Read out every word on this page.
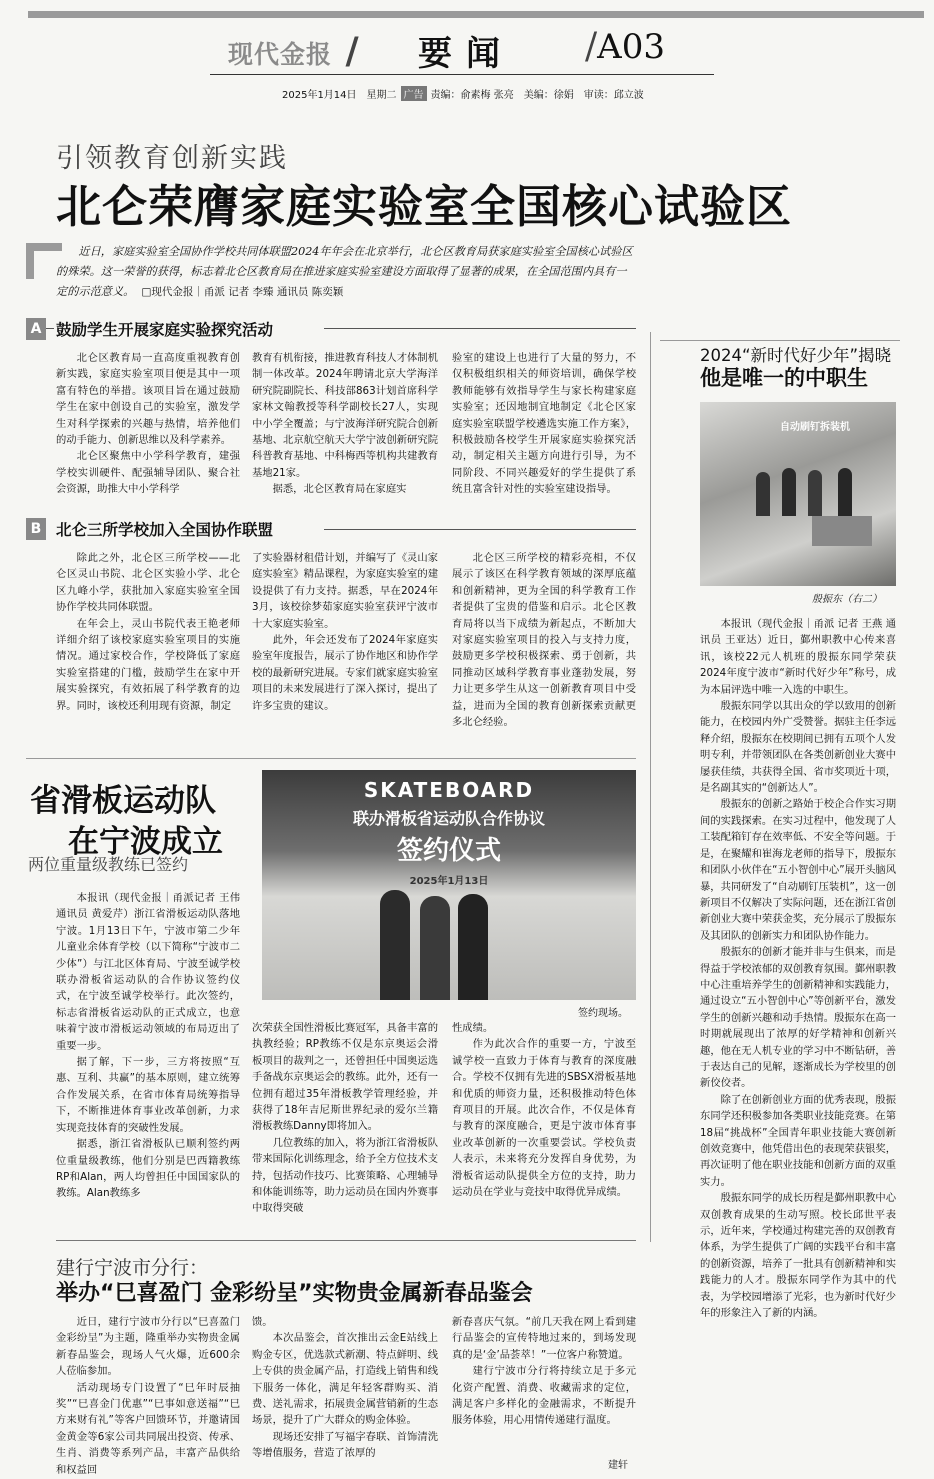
现代金报 / 要闻 /A03
2025年1月14日　星期二 广告 责编：俞素梅 张亮　美编：徐娟　审读：邱立波
引领教育创新实践
北仑荣膺家庭实验室全国核心试验区
近日，家庭实验室全国协作学校共同体联盟2024年年会在北京举行，北仑区教育局获家庭实验室全国核心试验区的殊荣。这一荣誉的获得，标志着北仑区教育局在推进家庭实验室建设方面取得了显著的成果，在全国范围内具有一定的示范意义。 □现代金报｜甬派 记者 李臻 通讯员 陈奕颖
A 鼓励学生开展家庭实验探究活动

北仑区教育局一直高度重视教育创新实践，家庭实验室项目便是其中一项富有特色的举措。该项目旨在通过鼓励学生在家中创设自己的实验室，激发学生对科学探索的兴趣与热情，培养他们的动手能力、创新思维以及科学素养。

北仑区聚焦中小学科学教育，建强学校实训硬件、配强辅导团队、聚合社会资源，助推大中小学科学

教育有机衔接，推进教育科技人才体制机制一体改革。2024年聘请北京大学海洋研究院副院长、科技部863计划首席科学家林文翰教授等科学副校长27人，实现中小学全覆盖；与宁波海洋研究院合创新基地、北京航空航天大学宁波创新研究院科普教育基地、中科梅西等机构共建教育基地21家。

据悉，北仑区教育局在家庭实

验室的建设上也进行了大量的努力，不仅积极组织相关的师资培训，确保学校教师能够有效指导学生与家长构建家庭实验室；还因地制宜地制定《北仑区家庭实验室联盟学校遴选实施工作方案》，积极鼓励各校学生开展家庭实验探究活动，制定相关主题方向进行引导，为不同阶段、不同兴趣爱好的学生提供了系统且富含针对性的实验室建设指导。

B 北仑三所学校加入全国协作联盟

除此之外，北仑区三所学校——北仑区灵山书院、北仑区实验小学、北仑区九峰小学，获批加入家庭实验室全国协作学校共同体联盟。

在年会上，灵山书院代表王艳老师详细介绍了该校家庭实验室项目的实施情况。通过家校合作，学校降低了家庭实验室搭建的门槛，鼓励学生在家中开展实验探究，有效拓展了科学教育的边界。同时，该校还利用现有资源，制定

了实验器材租借计划，并编写了《灵山家庭实验室》精品课程，为家庭实验室的建设提供了有力支持。据悉，早在2024年3月，该校徐梦茹家庭实验室获评宁波市十大家庭实验室。

此外，年会还发布了2024年家庭实验室年度报告，展示了协作地区和协作学校的最新研究进展。专家们就家庭实验室项目的未来发展进行了深入探讨，提出了许多宝贵的建议。

北仑区三所学校的精彩亮相，不仅展示了该区在科学教育领域的深厚底蕴和创新精神，更为全国的科学教育工作者提供了宝贵的借鉴和启示。北仑区教育局将以当下成绩为新起点，不断加大对家庭实验室项目的投入与支持力度，鼓励更多学校积极探索、勇于创新，共同推动区域科学教育事业蓬勃发展，努力让更多学生从这一创新教育项目中受益，进而为全国的教育创新探索贡献更多北仑经验。

2024“新时代好少年”揭晓
他是唯一的中职生
自动刷钉拆装机
殷振东（右二）

本报讯（现代金报｜甬派 记者 王燕 通讯员 王亚达）近日，鄞州职教中心传来喜讯，该校22元人机班的殷振东同学荣获2024年度宁波市“新时代好少年”称号，成为本届评选中唯一入选的中职生。

殷振东同学以其出众的学以致用的创新能力，在校园内外广受赞誉。据驻主任李远释介绍，殷振东在校期间已拥有五项个人发明专利，并带领团队在各类创新创业大赛中屡获佳绩，共获得全国、省市奖项近十项，是名副其实的“创新达人”。

殷振东的创新之路始于校企合作实习期间的实践探索。在实习过程中，他发现了人工装配箱钉存在效率低、不安全等问题。于是，在聚耀和崔海龙老师的指导下，殷振东和团队小伙伴在“五小智创中心”展开头脑风暴，共同研发了“自动刷钉压装机”，这一创新项目不仅解决了实际问题，还在浙江省创新创业大赛中荣获金奖，充分展示了殷振东及其团队的创新实力和团队协作能力。

殷振东的创新才能并非与生俱来，而是得益于学校浓郁的双创教育氛围。鄞州职教中心注重培养学生的创新精神和实践能力，通过设立“五小智创中心”等创新平台，激发学生的创新兴趣和动手热情。殷振东在高一时期就展现出了浓厚的好学精神和创新兴趣，他在无人机专业的学习中不断钻研，善于表达自己的见解，逐渐成长为学校里的创新佼佼者。

除了在创新创业方面的优秀表现，殷振东同学还积极参加各类职业技能竞赛。在第18届“挑战杯”全国青年职业技能大赛创新创效竞赛中，他凭借出色的表现荣获银奖，再次证明了他在职业技能和创新方面的双重实力。

殷振东同学的成长历程是鄞州职教中心双创教育成果的生动写照。校长邱世平表示，近年来，学校通过构建完善的双创教育体系，为学生提供了广阔的实践平台和丰富的创新资源，培养了一批具有创新精神和实践能力的人才。殷振东同学作为其中的代表，为学校园增添了光彩，也为新时代好少年的形象注入了新的内涵。

省滑板运动队
在宁波成立
两位重量级教练已签约
SKATEBOARD
联办滑板省运动队合作协议
签约仪式
2025年1月13日
签约现场。

本报讯（现代金报｜甬派记者 王伟 通讯员 黄爱芹）浙江省滑板运动队落地宁波。1月13日下午，宁波市第二少年儿童业余体育学校（以下简称“宁波市二少体”）与江北区体育局、宁波至诚学校联办滑板省运动队的合作协议签约仪式，在宁波至诚学校举行。此次签约，标志省滑板省运动队的正式成立，也意味着宁波市滑板运动领域的布局迈出了重要一步。

据了解，下一步，三方将按照“互惠、互利、共赢”的基本原则，建立统筹合作发展关系，在省市体育局统筹指导下，不断推进体育事业改革创新，力求实现竞技体育的突破性发展。

据悉，浙江省滑板队已顺利签约两位重量级教练，他们分别是巴西籍教练RP和Alan，两人均曾担任中国国家队的教练。Alan教练多

次荣获全国性滑板比赛冠军，具备丰富的执教经验；RP教练不仅是东京奥运会滑板项目的裁判之一，还曾担任中国奥运选手备战东京奥运会的教练。此外，还有一位拥有超过35年滑板教学管理经验，并获得了18年吉尼斯世界纪录的爱尔兰籍滑板教练Danny即将加入。

几位教练的加入，将为浙江省滑板队带来国际化训练理念，给予全方位技术支持，包括动作技巧、比赛策略、心理辅导和体能训练等，助力运动员在国内外赛事中取得突破

性成绩。

作为此次合作的重要一方，宁波至诚学校一直致力于体育与教育的深度融合。学校不仅拥有先进的SBSX滑板基地和优质的师资力量，还积极推动特色体育项目的开展。此次合作，不仅是体育与教育的深度融合，更是宁波市体育事业改革创新的一次重要尝试。学校负责人表示，未来将充分发挥自身优势，为滑板省运动队提供全方位的支持，助力运动员在学业与竞技中取得优异成绩。

建行宁波市分行：
举办“巳喜盈门 金彩纷呈”实物贵金属新春品鉴会

近日，建行宁波市分行以“巳喜盈门 金彩纷呈”为主题，隆重举办实物贵金属新春品鉴会，现场人气火爆，近600余人莅临参加。

活动现场专门设置了“巳年时辰抽奖”“巳喜金门优惠”“巳事如意送福”“巳方来财有礼”等客户回馈环节，并邀请国金黄金等6家公司共同展出投资、传承、生肖、消费等系列产品，丰富产品供给和权益回

馈。

本次品鉴会，首次推出云金E站线上购金专区，优选款式新潮、特点鲜明、线上专供的贵金属产品，打造线上销售和线下服务一体化，满足年轻客群购买、消费、送礼需求，拓展贵金属营销新的生态场景，提升了广大群众的购金体验。

现场还安排了写福字春联、首饰清洗等增值服务，营造了浓厚的

新春喜庆气氛。“前几天我在网上看到建行品鉴会的宣传特地过来的，到场发现真的是‘金’品荟萃！”一位客户称赞道。

建行宁波市分行将持续立足于多元化资产配置、消费、收藏需求的定位，满足客户多样化的金融需求，不断提升服务体验，用心用情传递建行温度。

建轩
